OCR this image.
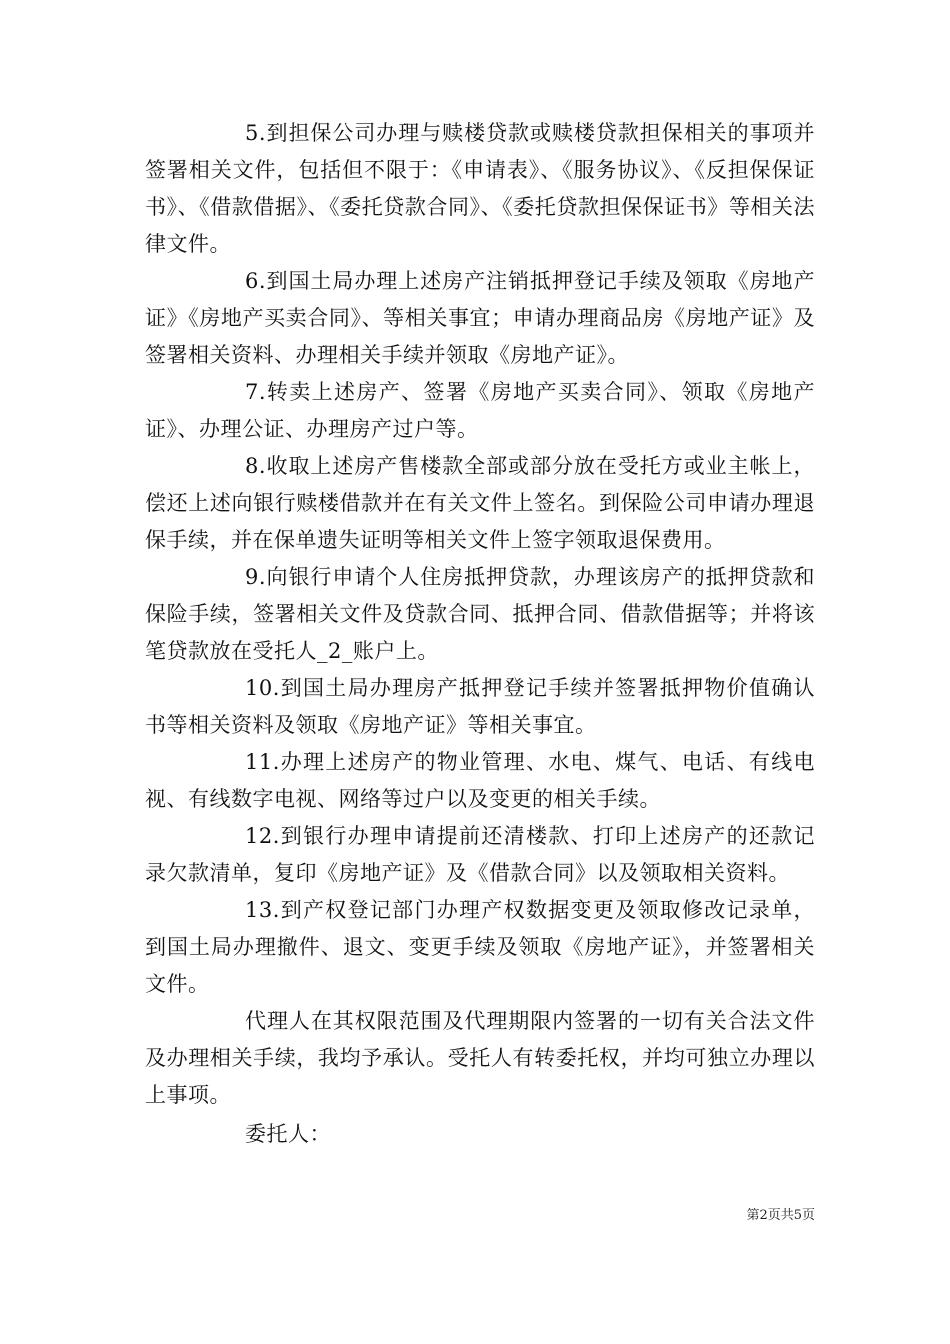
5.到担保公司办理与赎楼贷款或赎楼贷款担保相关的事项并签署相关文件，包括但不限于：《申请表》、《服务协议》、《反担保保证书》、《借款借据》、《委托贷款合同》、《委托贷款担保保证书》等相关法律文件。

6.到国土局办理上述房产注销抵押登记手续及领取《房地产证》《房地产买卖合同》、等相关事宜；申请办理商品房《房地产证》及签署相关资料、办理相关手续并领取《房地产证》。

7.转卖上述房产、签署《房地产买卖合同》、领取《房地产证》、办理公证、办理房产过户等。

8.收取上述房产售楼款全部或部分放在受托方或业主帐上，偿还上述向银行赎楼借款并在有关文件上签名。到保险公司申请办理退保手续，并在保单遗失证明等相关文件上签字领取退保费用。

9.向银行申请个人住房抵押贷款，办理该房产的抵押贷款和保险手续，签署相关文件及贷款合同、抵押合同、借款借据等；并将该笔贷款放在受托人_2_账户上。

10.到国土局办理房产抵押登记手续并签署抵押物价值确认书等相关资料及领取《房地产证》等相关事宜。

11.办理上述房产的物业管理、水电、煤气、电话、有线电视、有线数字电视、网络等过户以及变更的相关手续。

12.到银行办理申请提前还清楼款、打印上述房产的还款记录欠款清单，复印《房地产证》及《借款合同》以及领取相关资料。

13.到产权登记部门办理产权数据变更及领取修改记录单，到国土局办理撤件、退文、变更手续及领取《房地产证》，并签署相关文件。

代理人在其权限范围及代理期限内签署的一切有关合法文件及办理相关手续，我均予承认。受托人有转委托权，并均可独立办理以上事项。

委托人：

第2页共5页
